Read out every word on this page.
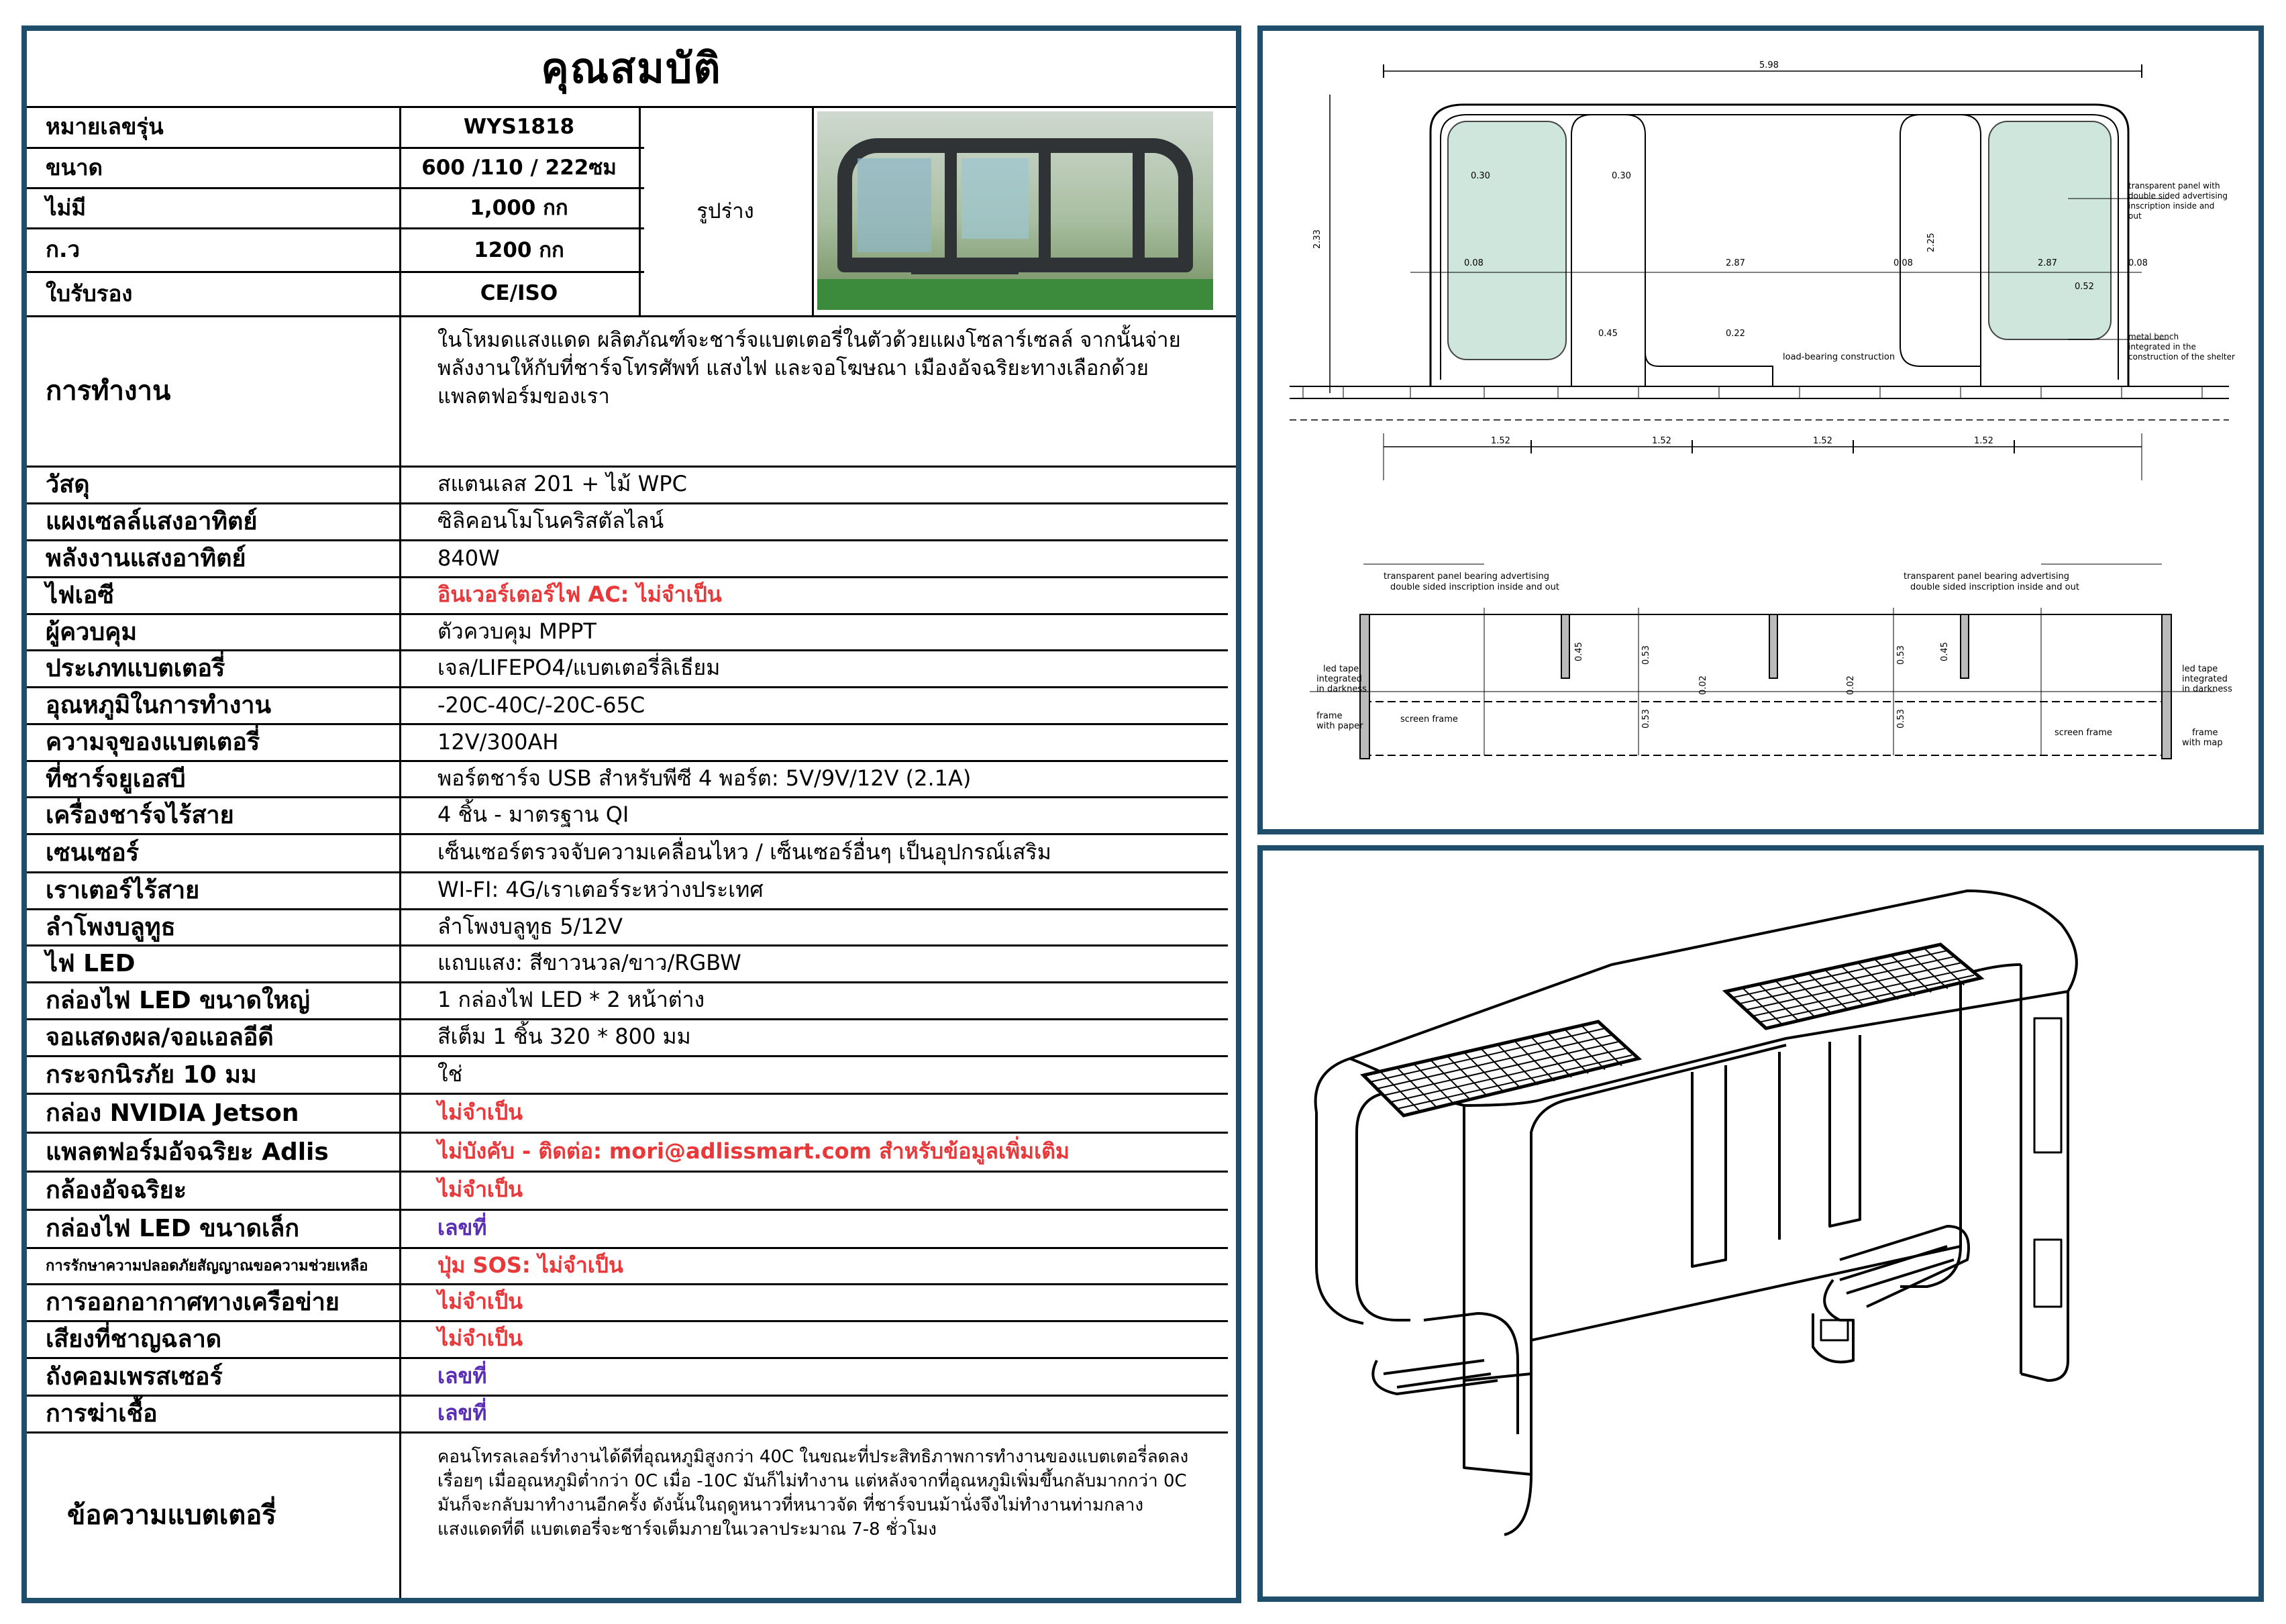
คุณสมบัติ
หมายเลขรุ่น	WYS1818
ขนาด	600 /110 / 222ซม
ไม่มี	1,000 กก
ก.ว	1200 กก
ใบรับรอง	CE/ISO
รูปร่าง
การทำงาน
ในโหมดแสงแดด ผลิตภัณฑ์จะชาร์จแบตเตอรี่ในตัวด้วยแผงโซลาร์เซลล์ จากนั้นจ่ายพลังงานให้กับที่ชาร์จโทรศัพท์ แสงไฟ และจอโฆษณา เมืองอัจฉริยะทางเลือกด้วยแพลตฟอร์มของเรา
วัสดุ	สแตนเลส 201 + ไม้ WPC
แผงเซลล์แสงอาทิตย์	ซิลิคอนโมโนคริสตัลไลน์
พลังงานแสงอาทิตย์	840W
ไฟเอซี	อินเวอร์เตอร์ไฟ AC: ไม่จำเป็น
ผู้ควบคุม	ตัวควบคุม MPPT
ประเภทแบตเตอรี่	เจล/LIFEPO4/แบตเตอรี่ลิเธียม
อุณหภูมิในการทำงาน	-20C-40C/-20C-65C
ความจุของแบตเตอรี่	12V/300AH
ที่ชาร์จยูเอสบี	พอร์ตชาร์จ USB สำหรับพีซี 4 พอร์ต: 5V/9V/12V (2.1A)
เครื่องชาร์จไร้สาย	4 ชิ้น - มาตรฐาน QI
เซนเซอร์	เซ็นเซอร์ตรวจจับความเคลื่อนไหว / เซ็นเซอร์อื่นๆ เป็นอุปกรณ์เสริม
เราเตอร์ไร้สาย	WI-FI: 4G/เราเตอร์ระหว่างประเทศ
ลำโพงบลูทูธ	ลำโพงบลูทูธ 5/12V
ไฟ LED	แถบแสง: สีขาวนวล/ขาว/RGBW
กล่องไฟ LED ขนาดใหญ่	1 กล่องไฟ LED * 2 หน้าต่าง
จอแสดงผล/จอแอลอีดี	สีเต็ม 1 ชิ้น 320 * 800 มม
กระจกนิรภัย 10 มม	ใช่
กล่อง NVIDIA Jetson	ไม่จำเป็น
แพลตฟอร์มอัจฉริยะ Adlis	ไม่บังคับ - ติดต่อ: mori@adlissmart.com สำหรับข้อมูลเพิ่มเติม
กล้องอัจฉริยะ	ไม่จำเป็น
กล่องไฟ LED ขนาดเล็ก	เลขที่
การรักษาความปลอดภัยสัญญาณขอความช่วยเหลือ	ปุ่ม SOS: ไม่จำเป็น
การออกอากาศทางเครือข่าย	ไม่จำเป็น
เสียงที่ชาญฉลาด	ไม่จำเป็น
ถังคอมเพรสเซอร์	เลขที่
การฆ่าเชื้อ	เลขที่
ข้อความแบตเตอรี่
คอนโทรลเลอร์ทำงานได้ดีที่อุณหภูมิสูงกว่า 40C ในขณะที่ประสิทธิภาพการทำงานของแบตเตอรี่ลดลงเรื่อยๆ เมื่ออุณหภูมิต่ำกว่า 0C เมื่อ -10C มันก็ไม่ทำงาน แต่หลังจากที่อุณหภูมิเพิ่มขึ้นกลับมากกว่า 0C มันก็จะกลับมาทำงานอีกครั้ง ดังนั้นในฤดูหนาวที่หนาวจัด ที่ชาร์จบนม้านั่งจึงไม่ทำงานท่ามกลางแสงแดดที่ดี แบตเตอรี่จะชาร์จเต็มภายในเวลาประมาณ 7-8 ชั่วโมง
5.98
0.30	0.30
0.08	0.08	0.08
2.87	2.87
2.33	2.25
1.52	1.52	1.52	1.52
0.52
0.45	0.22
load-bearing construction
transparent panel with
double sided advertising
inscription inside and
out
metal bench
integrated in the
construction of the shelter
transparent panel bearing advertising
double sided inscription inside and out
transparent panel bearing advertising
double sided inscription inside and out
led tape
integrated
in darkness
led tape
integrated
in darkness
frame
with paper
frame
with map
screen frame
screen frame
0.45	0.53
0.53
0.02
0.53
0.53
0.02
0.45
